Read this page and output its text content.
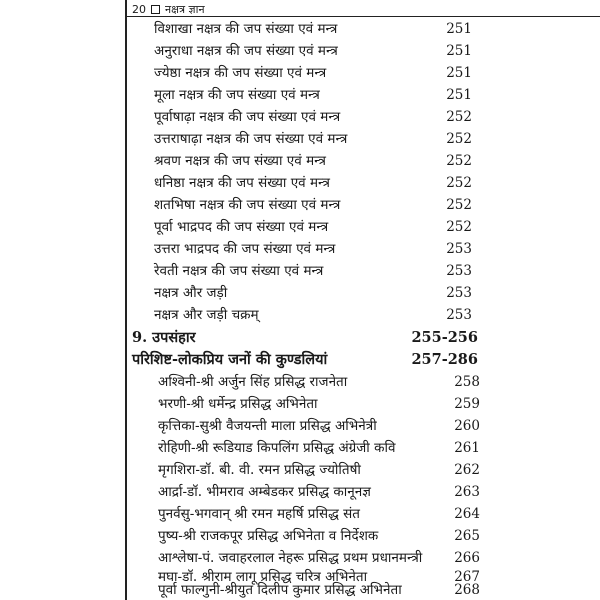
20 नक्षत्र ज्ञान
विशाखा नक्षत्र की जप संख्या एवं मन्त्र	251
अनुराधा नक्षत्र की जप संख्या एवं मन्त्र	251
ज्येष्ठा नक्षत्र की जप संख्या एवं मन्त्र	251
मूला नक्षत्र की जप संख्या एवं मन्त्र	251
पूर्वाषाढ़ा नक्षत्र की जप संख्या एवं मन्त्र	252
उत्तराषाढ़ा नक्षत्र की जप संख्या एवं मन्त्र	252
श्रवण नक्षत्र की जप संख्या एवं मन्त्र	252
धनिष्ठा नक्षत्र की जप संख्या एवं मन्त्र	252
शतभिषा नक्षत्र की जप संख्या एवं मन्त्र	252
पूर्वा भाद्रपद की जप संख्या एवं मन्त्र	252
उत्तरा भाद्रपद की जप संख्या एवं मन्त्र	253
रेवती नक्षत्र की जप संख्या एवं मन्त्र	253
नक्षत्र और जड़ी	253
नक्षत्र और जड़ी चक्रम्	253
9. उपसंहार	255-256
परिशिष्ट-लोकप्रिय जनों की कुण्डलियां	257-286
अश्विनी-श्री अर्जुन सिंह प्रसिद्ध राजनेता	258
भरणी-श्री धर्मेन्द्र प्रसिद्ध अभिनेता	259
कृत्तिका-सुश्री वैजयन्ती माला प्रसिद्ध अभिनेत्री	260
रोहिणी-श्री रूडियाड किपलिंग प्रसिद्ध अंग्रेजी कवि	261
मृगशिरा-डॉ. बी. वी. रमन प्रसिद्ध ज्योतिषी	262
आर्द्रा-डॉ. भीमराव अम्बेडकर प्रसिद्ध कानूनज्ञ	263
पुनर्वसु-भगवान् श्री रमन महर्षि प्रसिद्ध संत	264
पुष्य-श्री राजकपूर प्रसिद्ध अभिनेता व निर्देशक	265
आश्लेषा-पं. जवाहरलाल नेहरू प्रसिद्ध प्रथम प्रधानमन्त्री 266
मघा-डॉ. श्रीराम लागू प्रसिद्ध चरित्र अभिनेता	267
पूर्वा फाल्गुनी-श्रीयुत दिलीप कुमार प्रसिद्ध अभिनेता	268
